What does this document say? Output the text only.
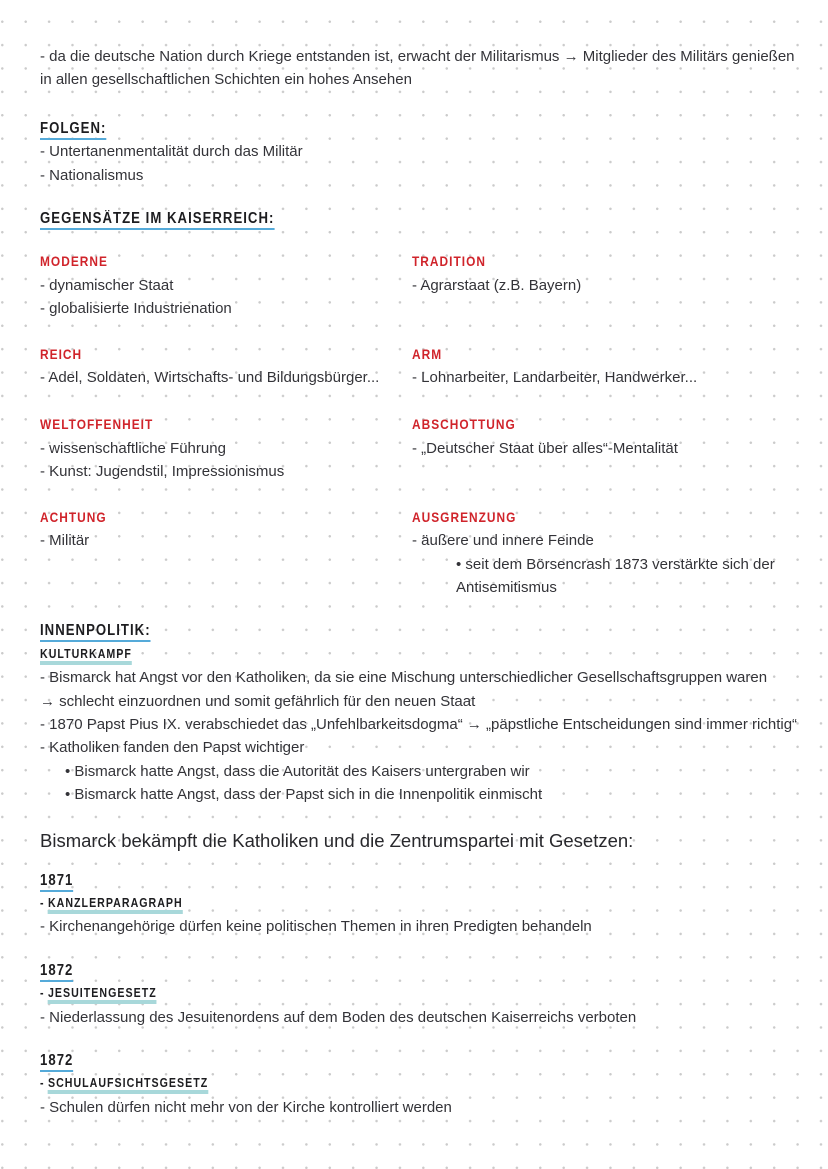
- da die deutsche Nation durch Kriege entstanden ist, erwacht der Militarismus → Mitglieder des Militärs genießen in allen gesellschaftlichen Schichten ein hohes Ansehen

FOLGEN:
- Untertanenmentalität durch das Militär
- Nationalismus
GEGENSÄTZE IM KAISERREICH:
MODERNE
- dynamischer Staat
- globalisierte Industrienation
TRADITION
- Agrarstaat (z.B. Bayern)
REICH
- Adel, Soldaten, Wirtschafts- und Bildungsbürger...
ARM
- Lohnarbeiter, Landarbeiter, Handwerker...
WELTOFFENHEIT
- wissenschaftliche Führung
- Kunst: Jugendstil, Impressionismus
ABSCHOTTUNG
- „Deutscher Staat über alles“-Mentalität
ACHTUNG
- Militär
AUSGRENZUNG
- äußere und innere Feinde
• seit dem Börsencrash 1873 verstärkte sich der Antisemitismus
INNENPOLITIK:
KULTURKAMPF
- Bismarck hat Angst vor den Katholiken, da sie eine Mischung unterschiedlicher Gesellschaftsgruppen waren
→ schlecht einzuordnen und somit gefährlich für den neuen Staat
- 1870 Papst Pius IX. verabschiedet das „Unfehlbarkeitsdogma“ → „päpstliche Entscheidungen sind immer richtig“
- Katholiken fanden den Papst wichtiger
• Bismarck hatte Angst, dass die Autorität des Kaisers untergraben wir
• Bismarck hatte Angst, dass der Papst sich in die Innenpolitik einmischt

Bismarck bekämpft die Katholiken und die Zentrumspartei mit Gesetzen:

1871
- KANZLERPARAGRAPH
- Kirchenangehörige dürfen keine politischen Themen in ihren Predigten behandeln
1872
- JESUITENGESETZ
- Niederlassung des Jesuitenordens auf dem Boden des deutschen Kaiserreichs verboten
1872
- SCHULAUFSICHTSGESETZ
- Schulen dürfen nicht mehr von der Kirche kontrolliert werden
